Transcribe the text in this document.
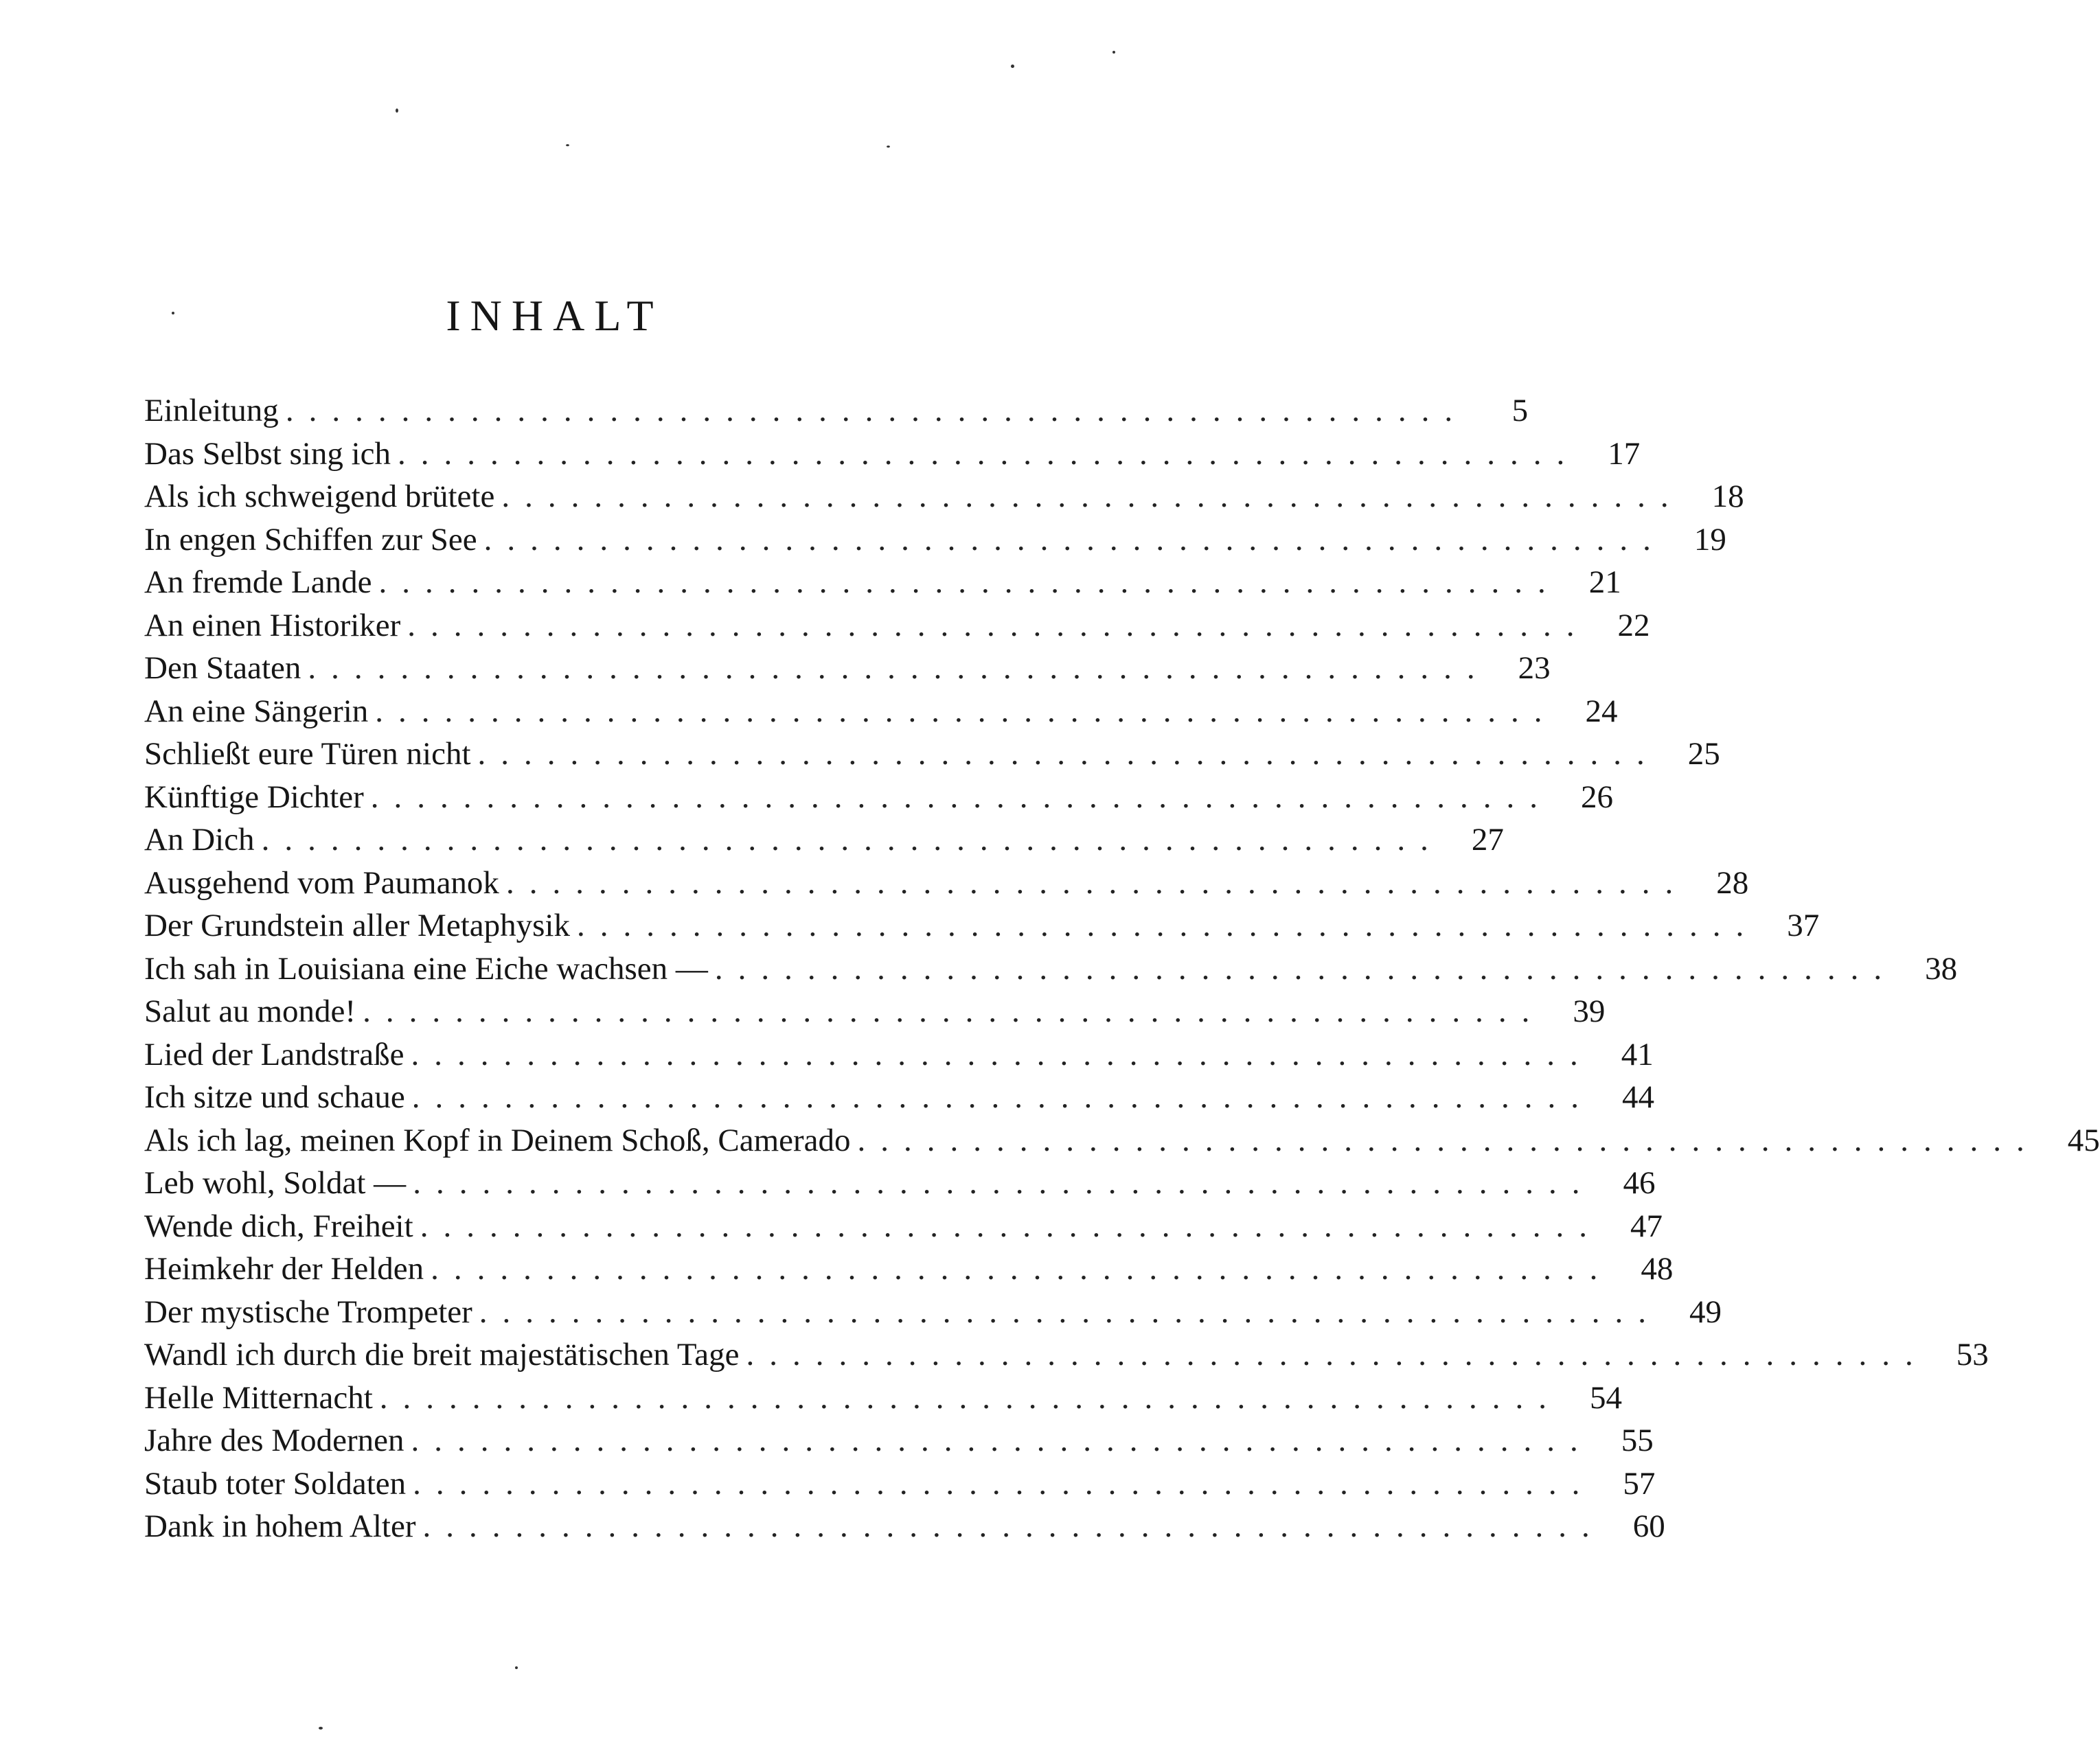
INHALT
Einleitung ...................................................	5
Das Selbst sing ich ................................................... 17
Als ich schweigend brütete ................................................... 18
In engen Schiffen zur See ................................................... 19
An fremde Lande ................................................... 21
An einen Historiker ................................................... 22
Den Staaten ................................................... 23
An eine Sängerin ................................................... 24
Schließt eure Türen nicht ................................................... 25
Künftige Dichter ................................................... 26
An Dich ................................................... 27
Ausgehend vom Paumanok ................................................... 28
Der Grundstein aller Metaphysik ................................................... 37
Ich sah in Louisiana eine Eiche wachsen — ................................................... 38
Salut au monde! ................................................... 39
Lied der Landstraße ................................................... 41
Ich sitze und schaue ................................................... 44
Als ich lag, meinen Kopf in Deinem Schoß, Camerado ................................................... 45
Leb wohl, Soldat — ................................................... 46
Wende dich, Freiheit ................................................... 47
Heimkehr der Helden ................................................... 48
Der mystische Trompeter ................................................... 49
Wandl ich durch die breit majestätischen Tage ................................................... 53
Helle Mitternacht ................................................... 54
Jahre des Modernen ................................................... 55
Staub toter Soldaten ................................................... 57
Dank in hohem Alter ................................................... 60
